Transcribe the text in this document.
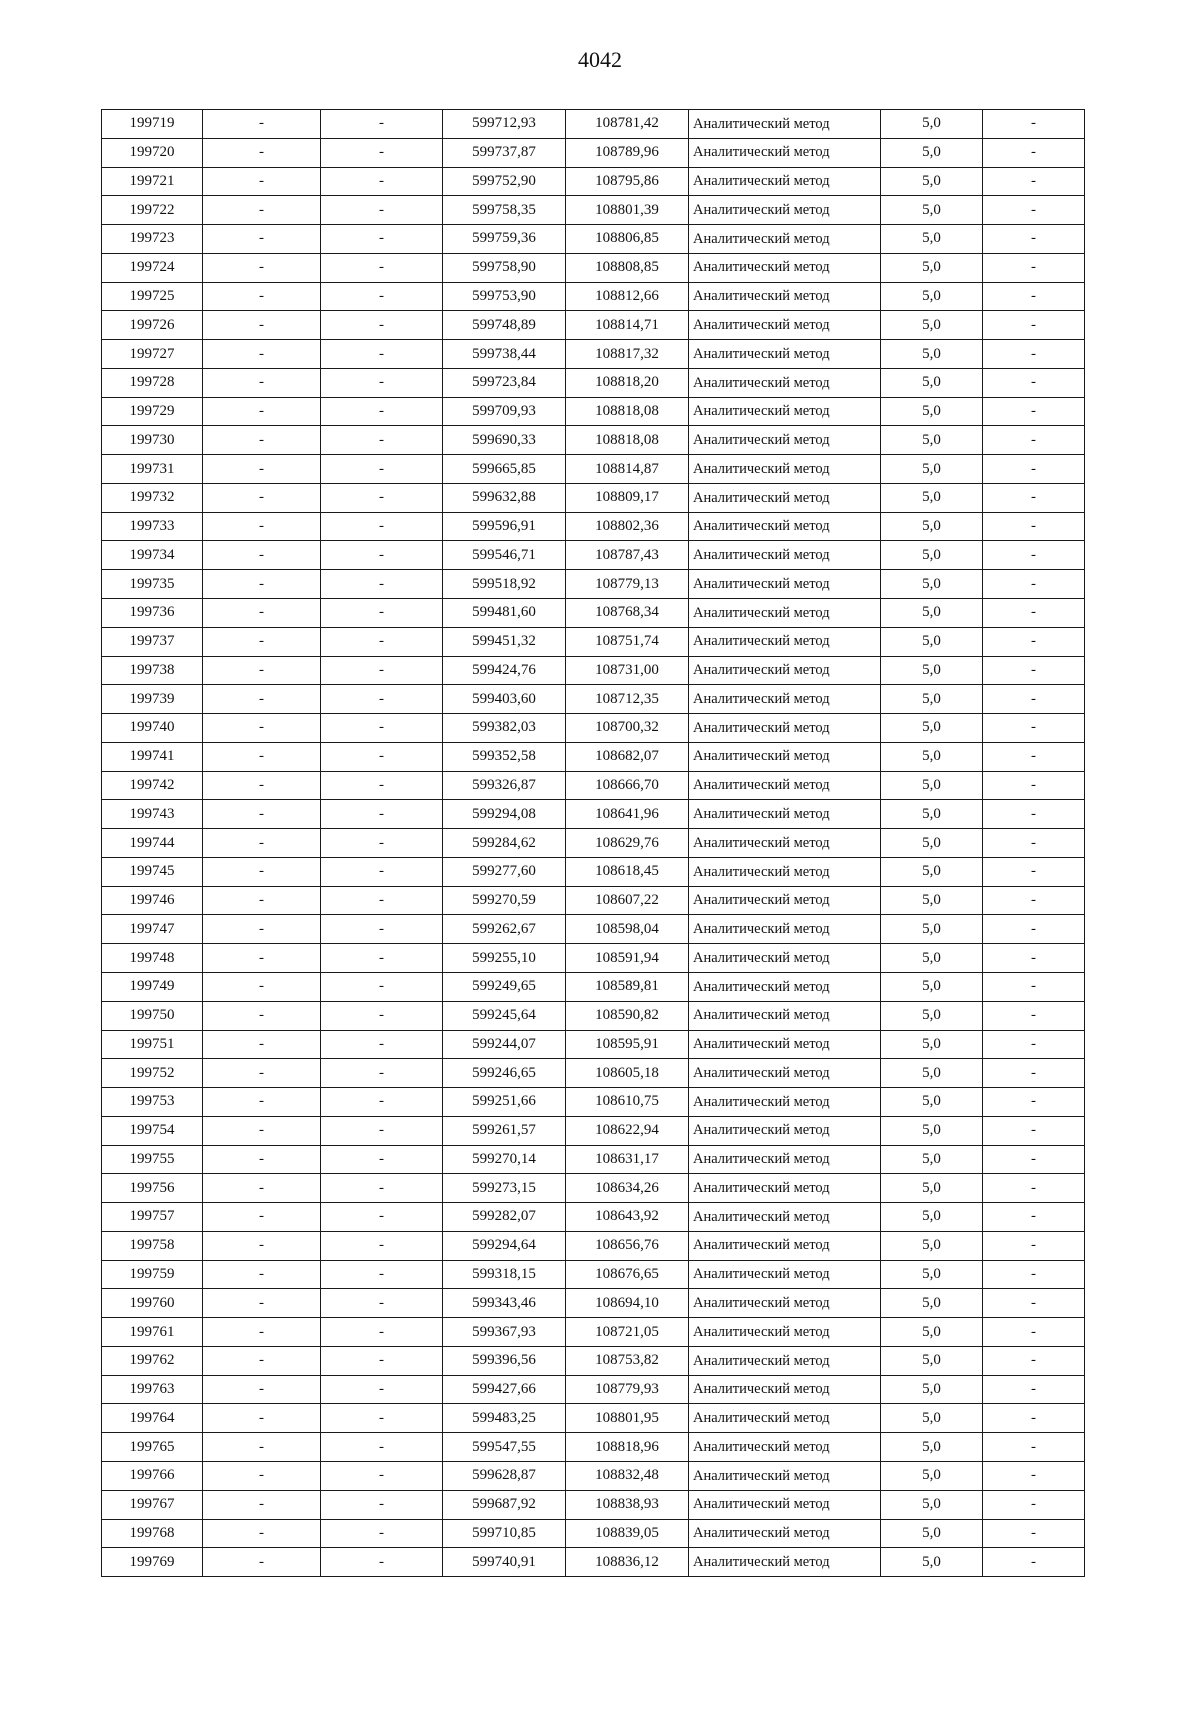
4042
199719	-	-	599712,93	108781,42	Аналитический метод	5,0	-
199720	-	-	599737,87	108789,96	Аналитический метод	5,0	-
199721	-	-	599752,90	108795,86	Аналитический метод	5,0	-
199722	-	-	599758,35	108801,39	Аналитический метод	5,0	-
199723	-	-	599759,36	108806,85	Аналитический метод	5,0	-
199724	-	-	599758,90	108808,85	Аналитический метод	5,0	-
199725	-	-	599753,90	108812,66	Аналитический метод	5,0	-
199726	-	-	599748,89	108814,71	Аналитический метод	5,0	-
199727	-	-	599738,44	108817,32	Аналитический метод	5,0	-
199728	-	-	599723,84	108818,20	Аналитический метод	5,0	-
199729	-	-	599709,93	108818,08	Аналитический метод	5,0	-
199730	-	-	599690,33	108818,08	Аналитический метод	5,0	-
199731	-	-	599665,85	108814,87	Аналитический метод	5,0	-
199732	-	-	599632,88	108809,17	Аналитический метод	5,0	-
199733	-	-	599596,91	108802,36	Аналитический метод	5,0	-
199734	-	-	599546,71	108787,43	Аналитический метод	5,0	-
199735	-	-	599518,92	108779,13	Аналитический метод	5,0	-
199736	-	-	599481,60	108768,34	Аналитический метод	5,0	-
199737	-	-	599451,32	108751,74	Аналитический метод	5,0	-
199738	-	-	599424,76	108731,00	Аналитический метод	5,0	-
199739	-	-	599403,60	108712,35	Аналитический метод	5,0	-
199740	-	-	599382,03	108700,32	Аналитический метод	5,0	-
199741	-	-	599352,58	108682,07	Аналитический метод	5,0	-
199742	-	-	599326,87	108666,70	Аналитический метод	5,0	-
199743	-	-	599294,08	108641,96	Аналитический метод	5,0	-
199744	-	-	599284,62	108629,76	Аналитический метод	5,0	-
199745	-	-	599277,60	108618,45	Аналитический метод	5,0	-
199746	-	-	599270,59	108607,22	Аналитический метод	5,0	-
199747	-	-	599262,67	108598,04	Аналитический метод	5,0	-
199748	-	-	599255,10	108591,94	Аналитический метод	5,0	-
199749	-	-	599249,65	108589,81	Аналитический метод	5,0	-
199750	-	-	599245,64	108590,82	Аналитический метод	5,0	-
199751	-	-	599244,07	108595,91	Аналитический метод	5,0	-
199752	-	-	599246,65	108605,18	Аналитический метод	5,0	-
199753	-	-	599251,66	108610,75	Аналитический метод	5,0	-
199754	-	-	599261,57	108622,94	Аналитический метод	5,0	-
199755	-	-	599270,14	108631,17	Аналитический метод	5,0	-
199756	-	-	599273,15	108634,26	Аналитический метод	5,0	-
199757	-	-	599282,07	108643,92	Аналитический метод	5,0	-
199758	-	-	599294,64	108656,76	Аналитический метод	5,0	-
199759	-	-	599318,15	108676,65	Аналитический метод	5,0	-
199760	-	-	599343,46	108694,10	Аналитический метод	5,0	-
199761	-	-	599367,93	108721,05	Аналитический метод	5,0	-
199762	-	-	599396,56	108753,82	Аналитический метод	5,0	-
199763	-	-	599427,66	108779,93	Аналитический метод	5,0	-
199764	-	-	599483,25	108801,95	Аналитический метод	5,0	-
199765	-	-	599547,55	108818,96	Аналитический метод	5,0	-
199766	-	-	599628,87	108832,48	Аналитический метод	5,0	-
199767	-	-	599687,92	108838,93	Аналитический метод	5,0	-
199768	-	-	599710,85	108839,05	Аналитический метод	5,0	-
199769	-	-	599740,91	108836,12	Аналитический метод	5,0	-
